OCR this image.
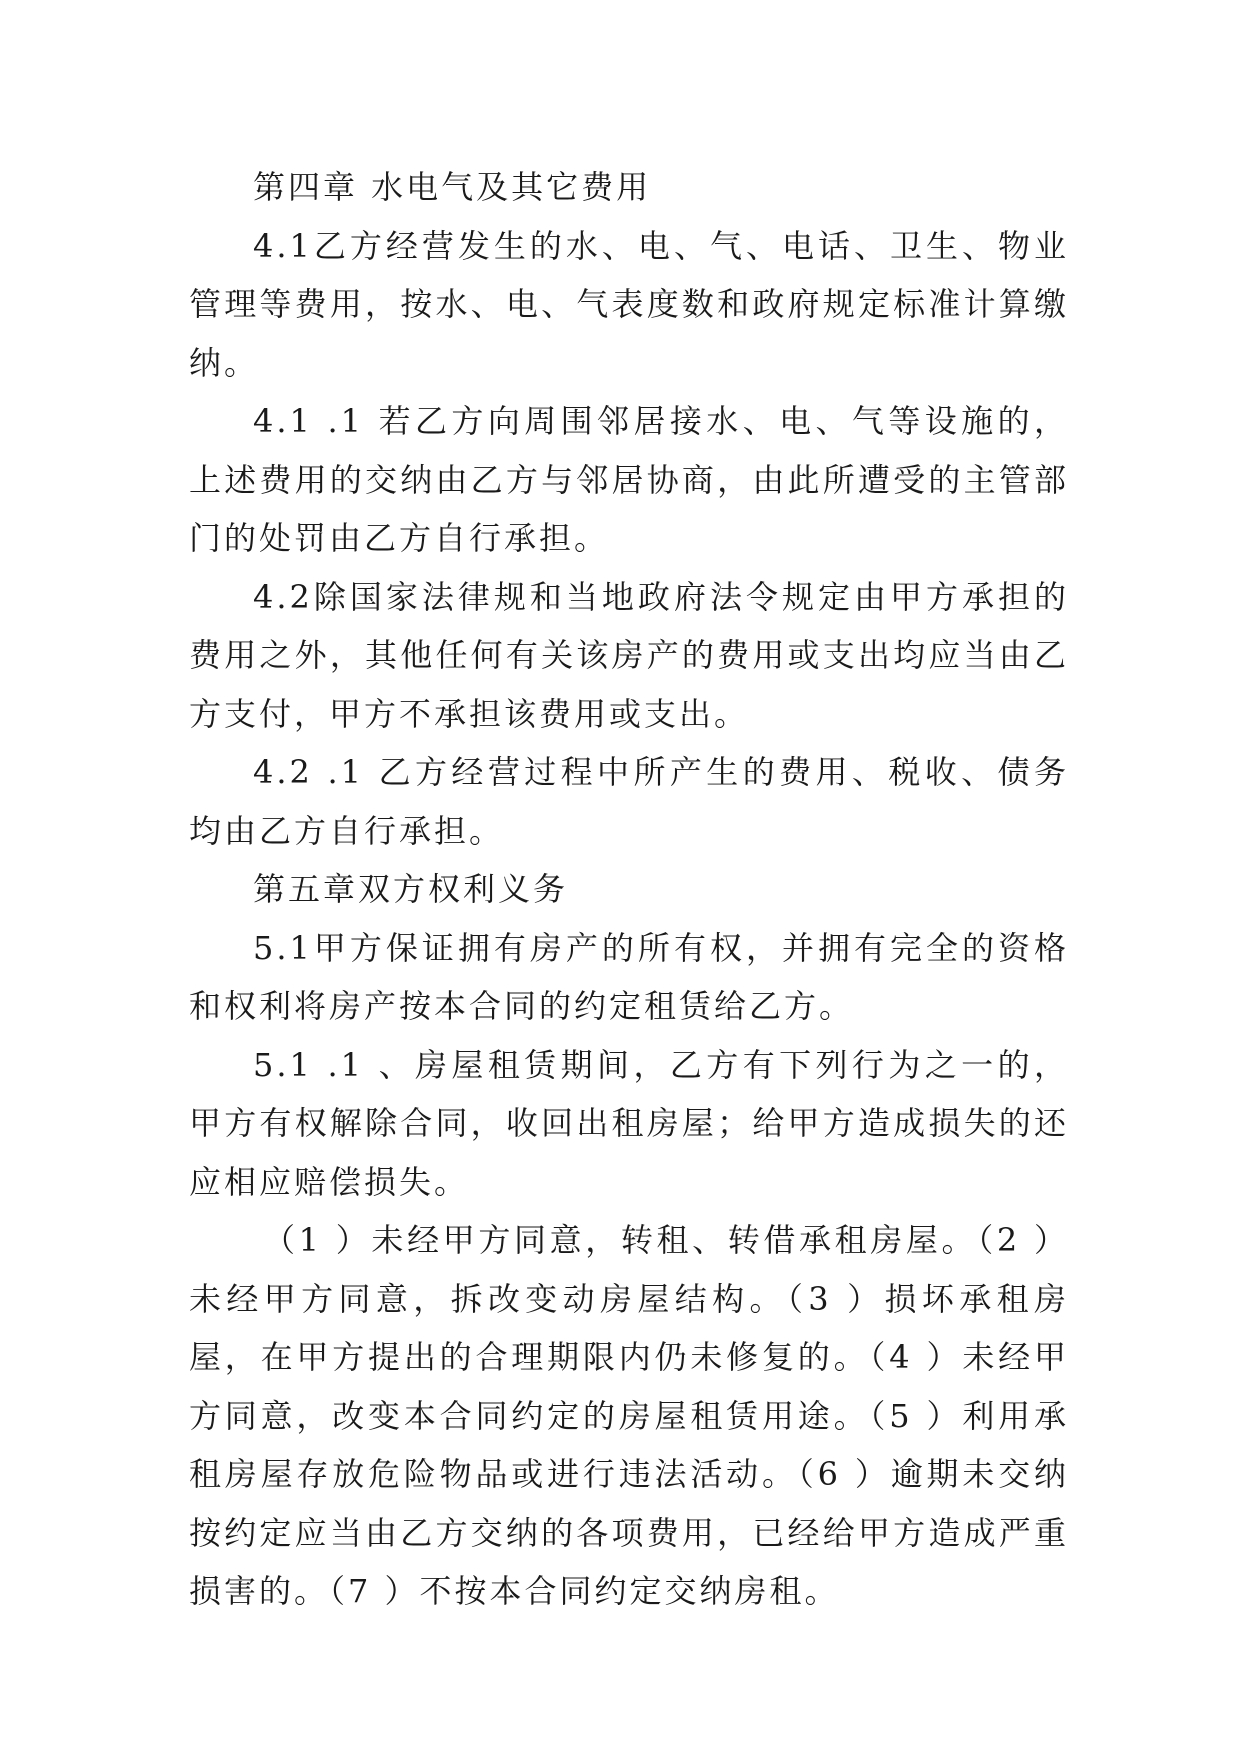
第四章 水电气及其它费用

4.1乙方经营发生的水、电、气、电话、卫生、物业管理等费用，按水、电、气表度数和政府规定标准计算缴纳。

4.1 .1 若乙方向周围邻居接水、电、气等设施的，上述费用的交纳由乙方与邻居协商，由此所遭受的主管部门的处罚由乙方自行承担。

4.2除国家法律规和当地政府法令规定由甲方承担的费用之外，其他任何有关该房产的费用或支出均应当由乙方支付，甲方不承担该费用或支出。

4.2 .1 乙方经营过程中所产生的费用、税收、债务均由乙方自行承担。

第五章双方权利义务

5.1甲方保证拥有房产的所有权，并拥有完全的资格和权利将房产按本合同的约定租赁给乙方。

5.1 .1 、房屋租赁期间，乙方有下列行为之一的，甲方有权解除合同，收回出租房屋；给甲方造成损失的还应相应赔偿损失。

（1 ）未经甲方同意，转租、转借承租房屋。（2 ）未经甲方同意，拆改变动房屋结构。（3 ）损坏承租房屋，在甲方提出的合理期限内仍未修复的。（4 ）未经甲方同意，改变本合同约定的房屋租赁用途。（5 ）利用承租房屋存放危险物品或进行违法活动。（6 ）逾期未交纳按约定应当由乙方交纳的各项费用，已经给甲方造成严重损害的。（7 ）不按本合同约定交纳房租。
